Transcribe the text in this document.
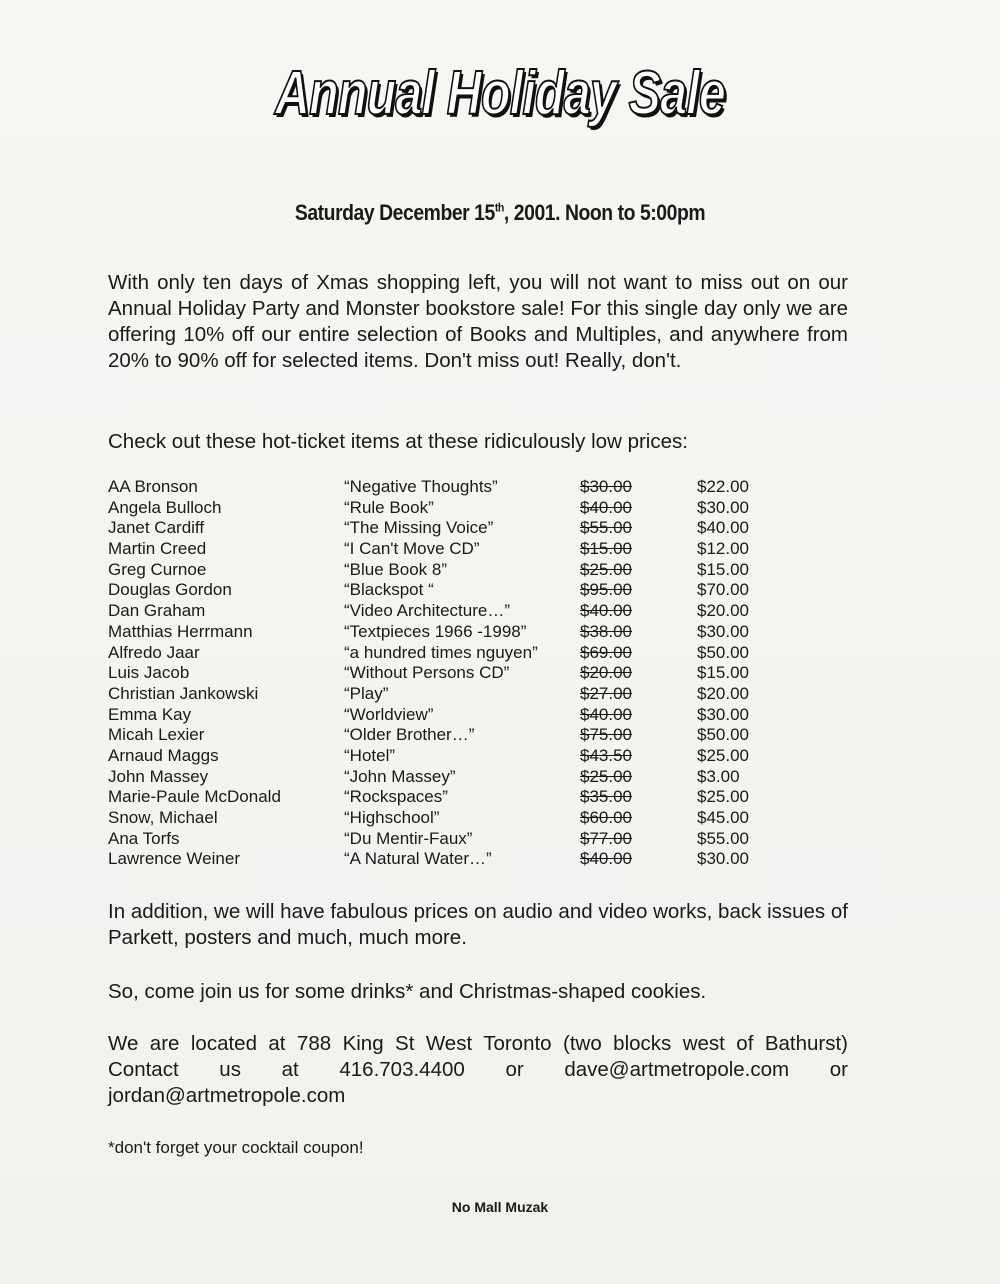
Annual Holiday Sale
Saturday December 15th, 2001. Noon to 5:00pm

With only ten days of Xmas shopping left, you will not want to miss out on our Annual Holiday Party and Monster bookstore sale! For this single day only we are offering 10% off our entire selection of Books and Multiples, and anywhere from 20% to 90% off for selected items. Don't miss out! Really, don't.

Check out these hot-ticket items at these ridiculously low prices:

AA Bronson	“Negative Thoughts”	$30.00	$22.00
Angela Bulloch	“Rule Book”	$40.00	$30.00
Janet Cardiff	“The Missing Voice”	$55.00	$40.00
Martin Creed	“I Can't Move CD”	$15.00	$12.00
Greg Curnoe	“Blue Book 8”	$25.00	$15.00
Douglas Gordon	“Blackspot “	$95.00	$70.00
Dan Graham	“Video Architecture…”	$40.00	$20.00
Matthias Herrmann	“Textpieces 1966 -1998”	$38.00	$30.00
Alfredo Jaar	“a hundred times nguyen” $69.00	$50.00
Luis Jacob	“Without Persons CD”	$20.00	$15.00
Christian Jankowski	“Play”	$27.00	$20.00
Emma Kay	“Worldview”	$40.00	$30.00
Micah Lexier	“Older Brother…”	$75.00	$50.00
Arnaud Maggs	“Hotel”	$43.50	$25.00
John Massey	“John Massey”	$25.00	$3.00
Marie-Paule McDonald	“Rockspaces”	$35.00	$25.00
Snow, Michael	“Highschool”	$60.00	$45.00
Ana Torfs	“Du Mentir-Faux”	$77.00	$55.00
Lawrence Weiner	“A Natural Water…”	$40.00	$30.00

In addition, we will have fabulous prices on audio and video works, back issues of Parkett, posters and much, much more.

So, come join us for some drinks* and Christmas-shaped cookies.

We are located at 788 King St West Toronto (two blocks west of Bathurst) Contact us at 416.703.4400 or dave@artmetropole.com or jordan@artmetropole.com

*don't forget your cocktail coupon!

No Mall Muzak
